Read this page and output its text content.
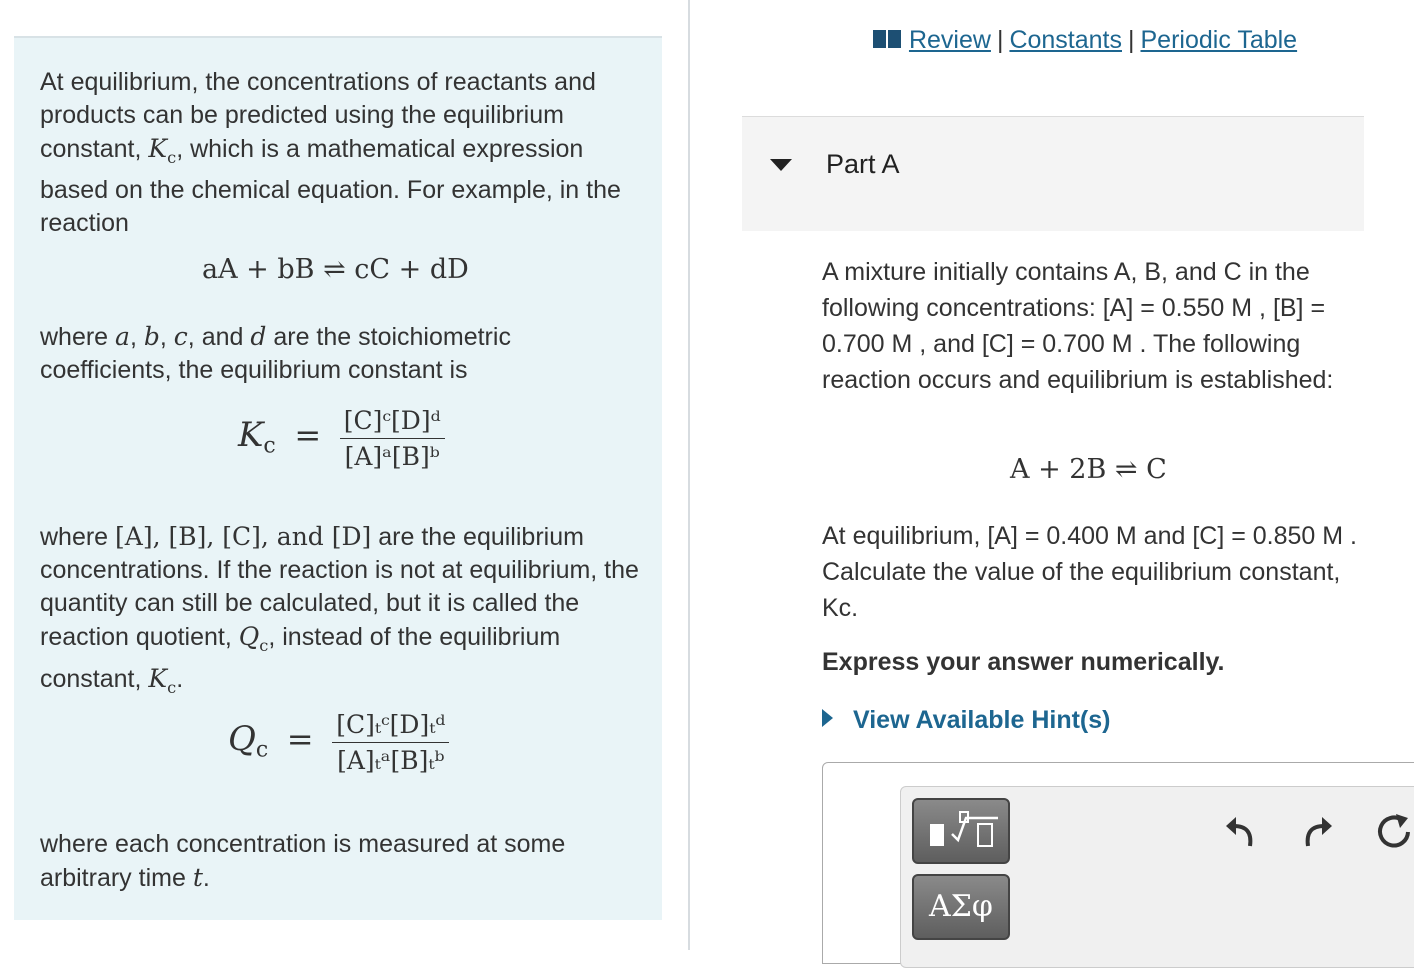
At equilibrium, the concentrations of reactants and products can be predicted using the equilibrium constant, $K_c$, which is a mathematical expression based on the chemical equation. For example, in the reaction
aA + bB ⇌ cC + dD
where a, b, c, and d are the stoichiometric coefficients, the equilibrium constant is
$K_c = \frac{\text{[C]ᶜ[D]ᵈ}}{\text{[A]ᵃ[B]ᵇ}}$
where [A], [B], [C], and [D] are the equilibrium concentrations. If the reaction is not at equilibrium, the quantity can still be calculated, but it is called the reaction quotient, $Q_c$, instead of the equilibrium constant, $K_c$.
$Q_c = \frac{\text{[C]ₜᶜ[D]ₜᵈ}}{\text{[A]ₜᵃ[B]ₜᵇ}}$
where each concentration is measured at some arbitrary time t.
Review | Constants | Periodic Table
Part A
A mixture initially contains A, B, and C in the following concentrations: [A] = 0.550 M , [B] = 0.700 M , and [C] = 0.700 M . The following reaction occurs and equilibrium is established:
A + 2B ⇌ C
At equilibrium, [A] = 0.400 M and [C] = 0.850 M . Calculate the value of the equilibrium constant, Kc.
Express your answer numerically.
View Available Hint(s)
ΑΣφ
